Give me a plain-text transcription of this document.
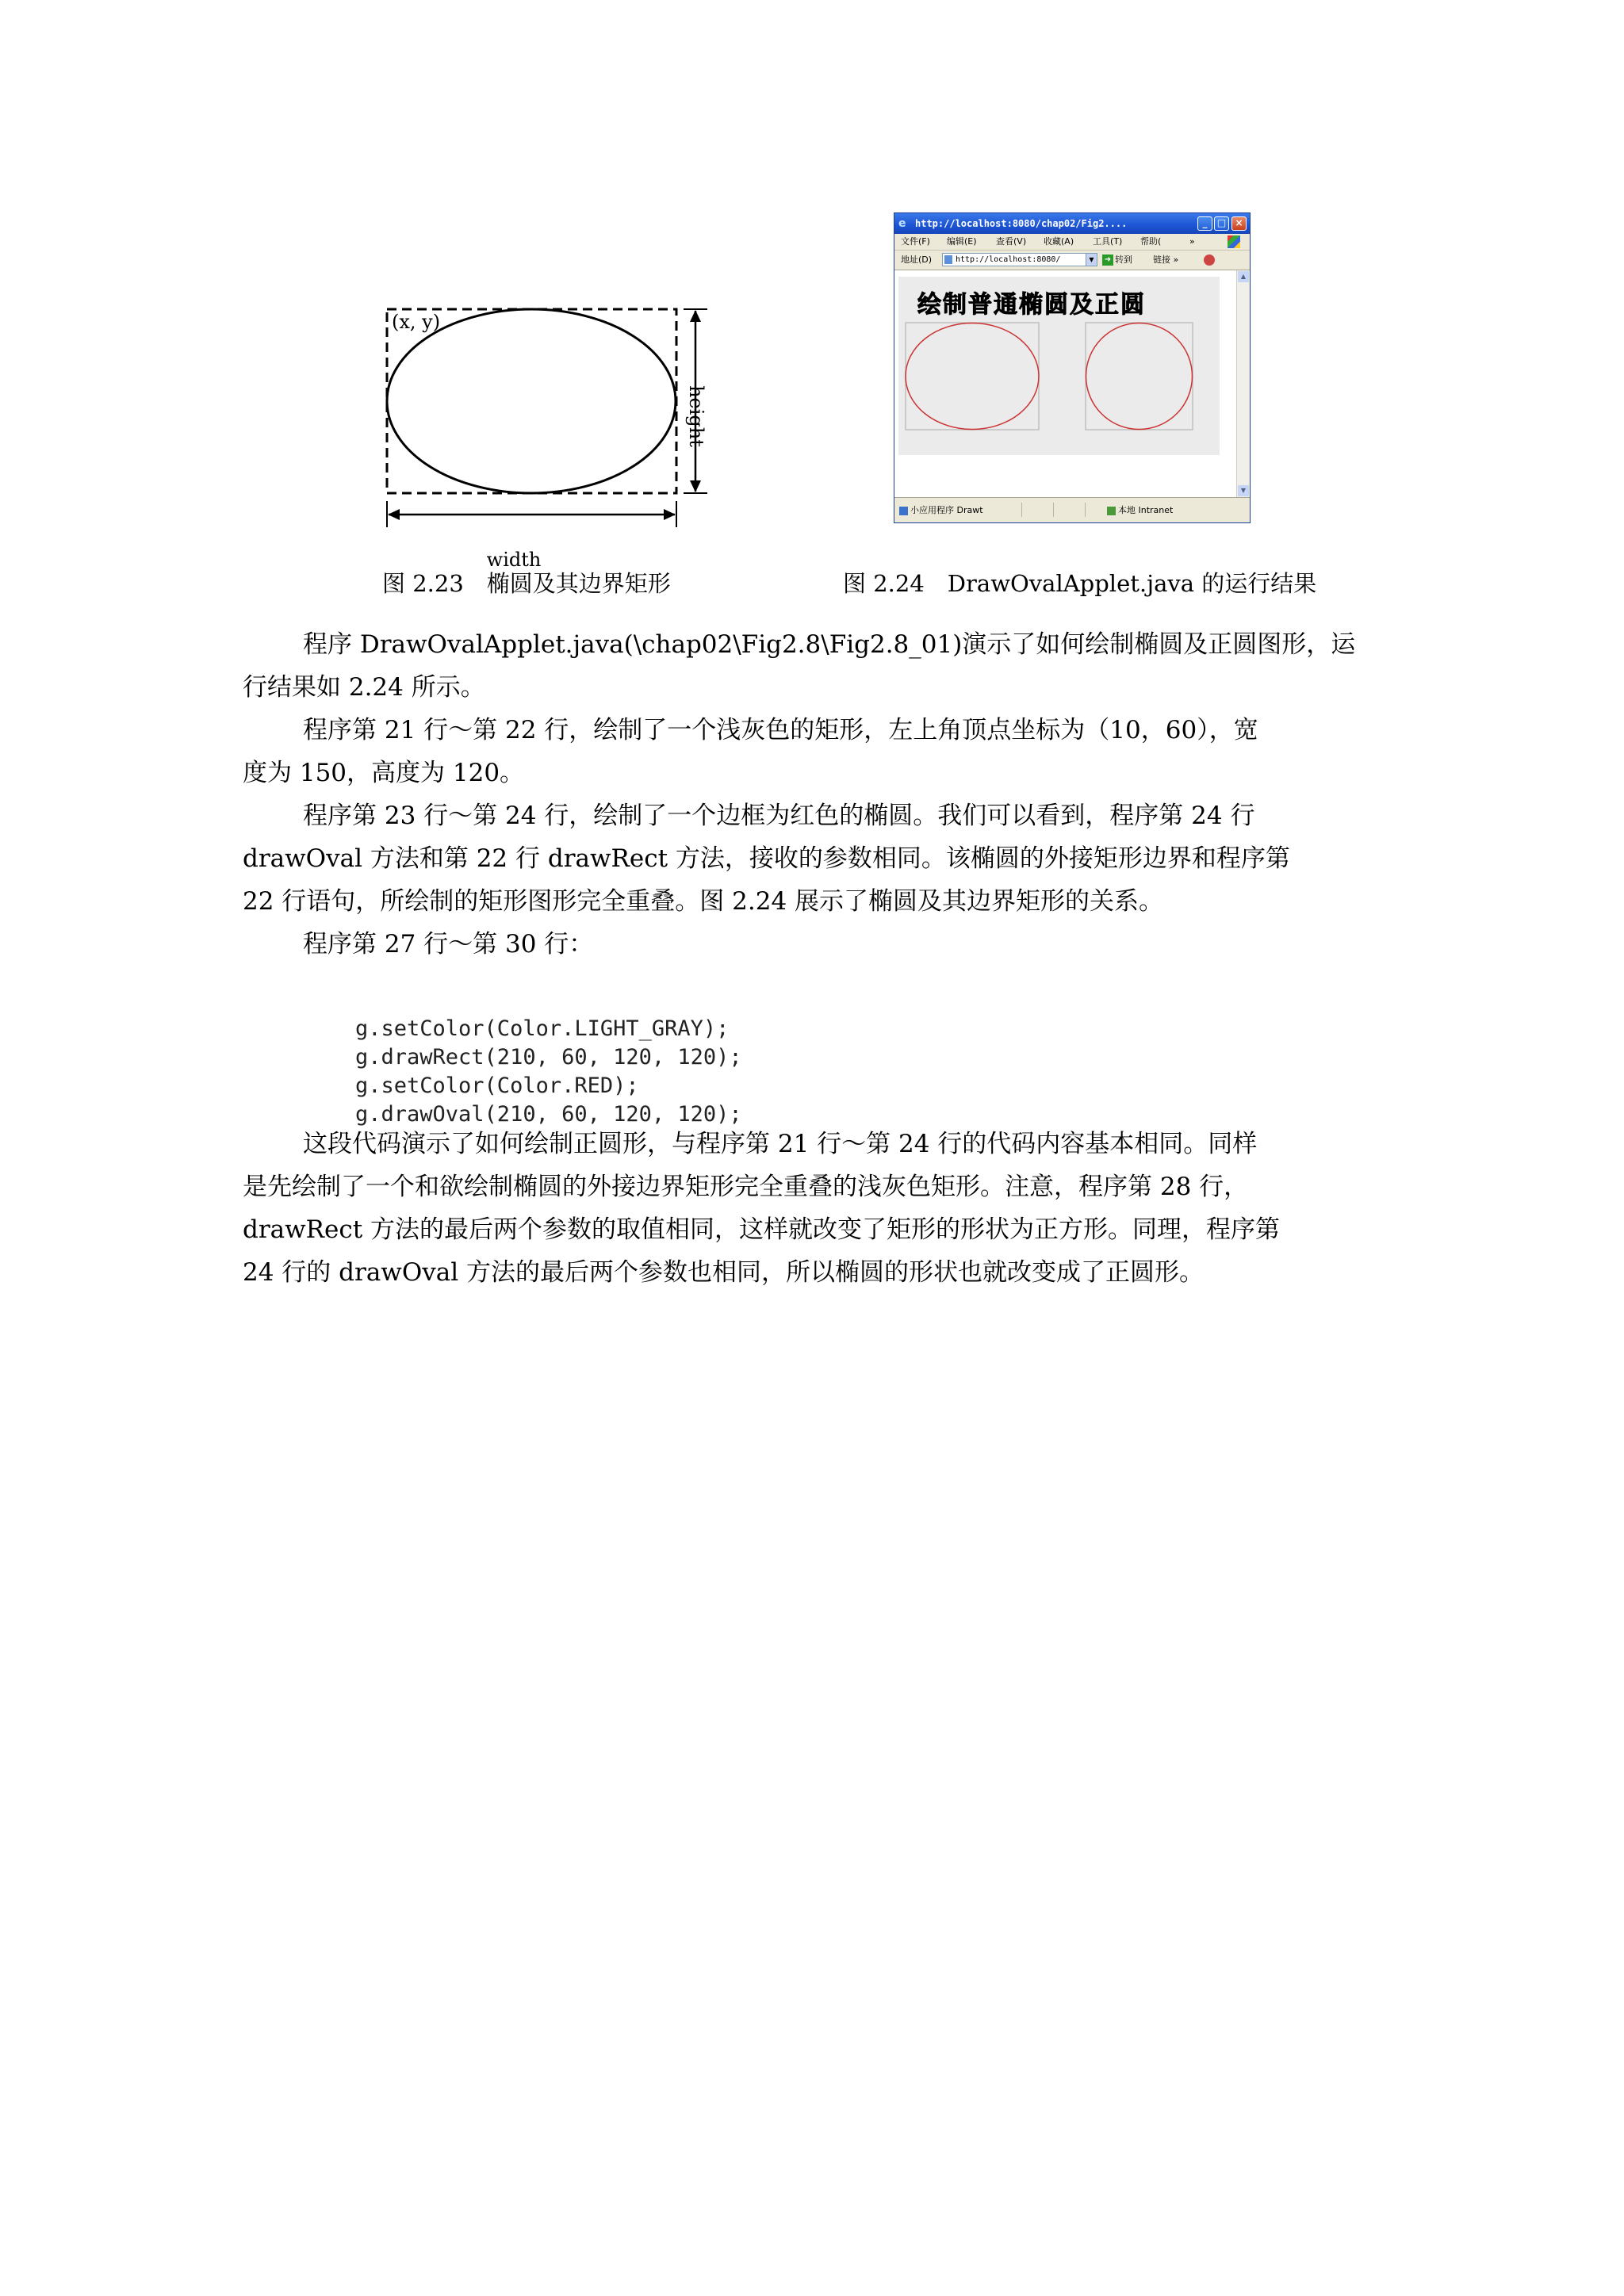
(x, y)
height
width
图 2.23　椭圆及其边界矩形
e http://localhost:8080/chap02/Fig2....	_	□ ×
文件(F) 编辑(E) 查看(V) 收藏(A) 工具(T) 帮助(	»
地址(D)	http://localhost:8080/	▼	➜ 转到 链接 »
绘制普通椭圆及正圆
▲
▼
小应用程序 Drawt	本地 Intranet
图 2.24　DrawOvalApplet.java 的运行结果

程序 DrawOvalApplet.java(\chap02\Fig2.8\Fig2.8_01)演示了如何绘制椭圆及正圆图形，运

行结果如 2.24 所示。

程序第 21 行～第 22 行，绘制了一个浅灰色的矩形，左上角顶点坐标为（10，60），宽

度为 150，高度为 120。

程序第 23 行～第 24 行，绘制了一个边框为红色的椭圆。我们可以看到，程序第 24 行

drawOval 方法和第 22 行 drawRect 方法，接收的参数相同。该椭圆的外接矩形边界和程序第

22 行语句，所绘制的矩形图形完全重叠。图 2.24 展示了椭圆及其边界矩形的关系。

程序第 27 行～第 30 行：

g.setColor(Color.LIGHT_GRAY);
g.drawRect(210, 60, 120, 120);
g.setColor(Color.RED);
g.drawOval(210, 60, 120, 120);

这段代码演示了如何绘制正圆形，与程序第 21 行～第 24 行的代码内容基本相同。同样

是先绘制了一个和欲绘制椭圆的外接边界矩形完全重叠的浅灰色矩形。注意，程序第 28 行，

drawRect 方法的最后两个参数的取值相同，这样就改变了矩形的形状为正方形。同理，程序第

24 行的 drawOval 方法的最后两个参数也相同，所以椭圆的形状也就改变成了正圆形。
